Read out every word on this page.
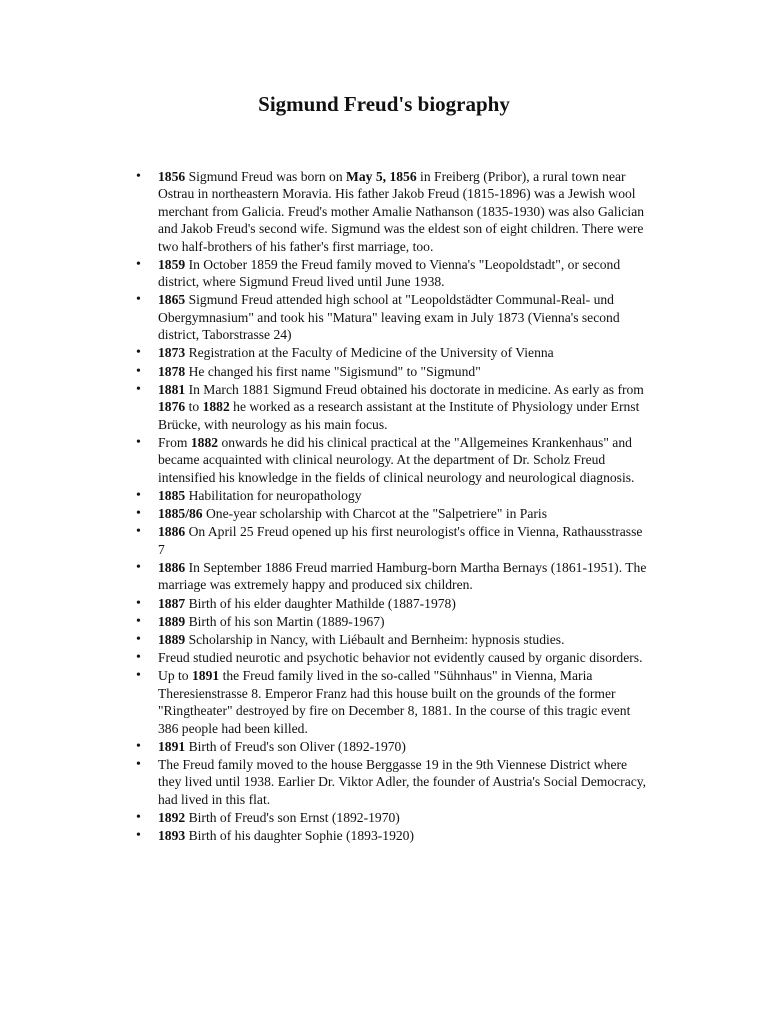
Sigmund Freud's biography
• 1856 Sigmund Freud was born on May 5, 1856 in Freiberg (Pribor), a rural town near Ostrau in northeastern Moravia. His father Jakob Freud (1815-1896) was a Jewish wool merchant from Galicia. Freud's mother Amalie Nathanson (1835-1930) was also Galician and Jakob Freud's second wife. Sigmund was the eldest son of eight children. There were two half-brothers of his father's first marriage, too.
• 1859 In October 1859 the Freud family moved to Vienna's "Leopoldstadt", or second district, where Sigmund Freud lived until June 1938.
• 1865 Sigmund Freud attended high school at "Leopoldstädter Communal-Real- und Obergymnasium" and took his "Matura" leaving exam in July 1873 (Vienna's second district, Taborstrasse 24)
• 1873 Registration at the Faculty of Medicine of the University of Vienna
• 1878 He changed his first name "Sigismund" to "Sigmund"
• 1881 In March 1881 Sigmund Freud obtained his doctorate in medicine. As early as from 1876 to 1882 he worked as a research assistant at the Institute of Physiology under Ernst Brücke, with neurology as his main focus.
• From 1882 onwards he did his clinical practical at the "Allgemeines Krankenhaus" and became acquainted with clinical neurology. At the department of Dr. Scholz Freud intensified his knowledge in the fields of clinical neurology and neurological diagnosis.
• 1885 Habilitation for neuropathology
• 1885/86 One-year scholarship with Charcot at the "Salpetriere" in Paris
• 1886 On April 25 Freud opened up his first neurologist's office in Vienna, Rathausstrasse 7
• 1886 In September 1886 Freud married Hamburg-born Martha Bernays (1861-1951). The marriage was extremely happy and produced six children.
• 1887 Birth of his elder daughter Mathilde (1887-1978)
• 1889 Birth of his son Martin (1889-1967)
• 1889 Scholarship in Nancy, with Liébault and Bernheim: hypnosis studies.
• Freud studied neurotic and psychotic behavior not evidently caused by organic disorders.
• Up to 1891 the Freud family lived in the so-called "Sühnhaus" in Vienna, Maria Theresienstrasse 8. Emperor Franz had this house built on the grounds of the former "Ringtheater" destroyed by fire on December 8, 1881. In the course of this tragic event 386 people had been killed.
• 1891 Birth of Freud's son Oliver (1892-1970)
• The Freud family moved to the house Berggasse 19 in the 9th Viennese District where they lived until 1938. Earlier Dr. Viktor Adler, the founder of Austria's Social Democracy, had lived in this flat.
• 1892 Birth of Freud's son Ernst (1892-1970)
• 1893 Birth of his daughter Sophie (1893-1920)
